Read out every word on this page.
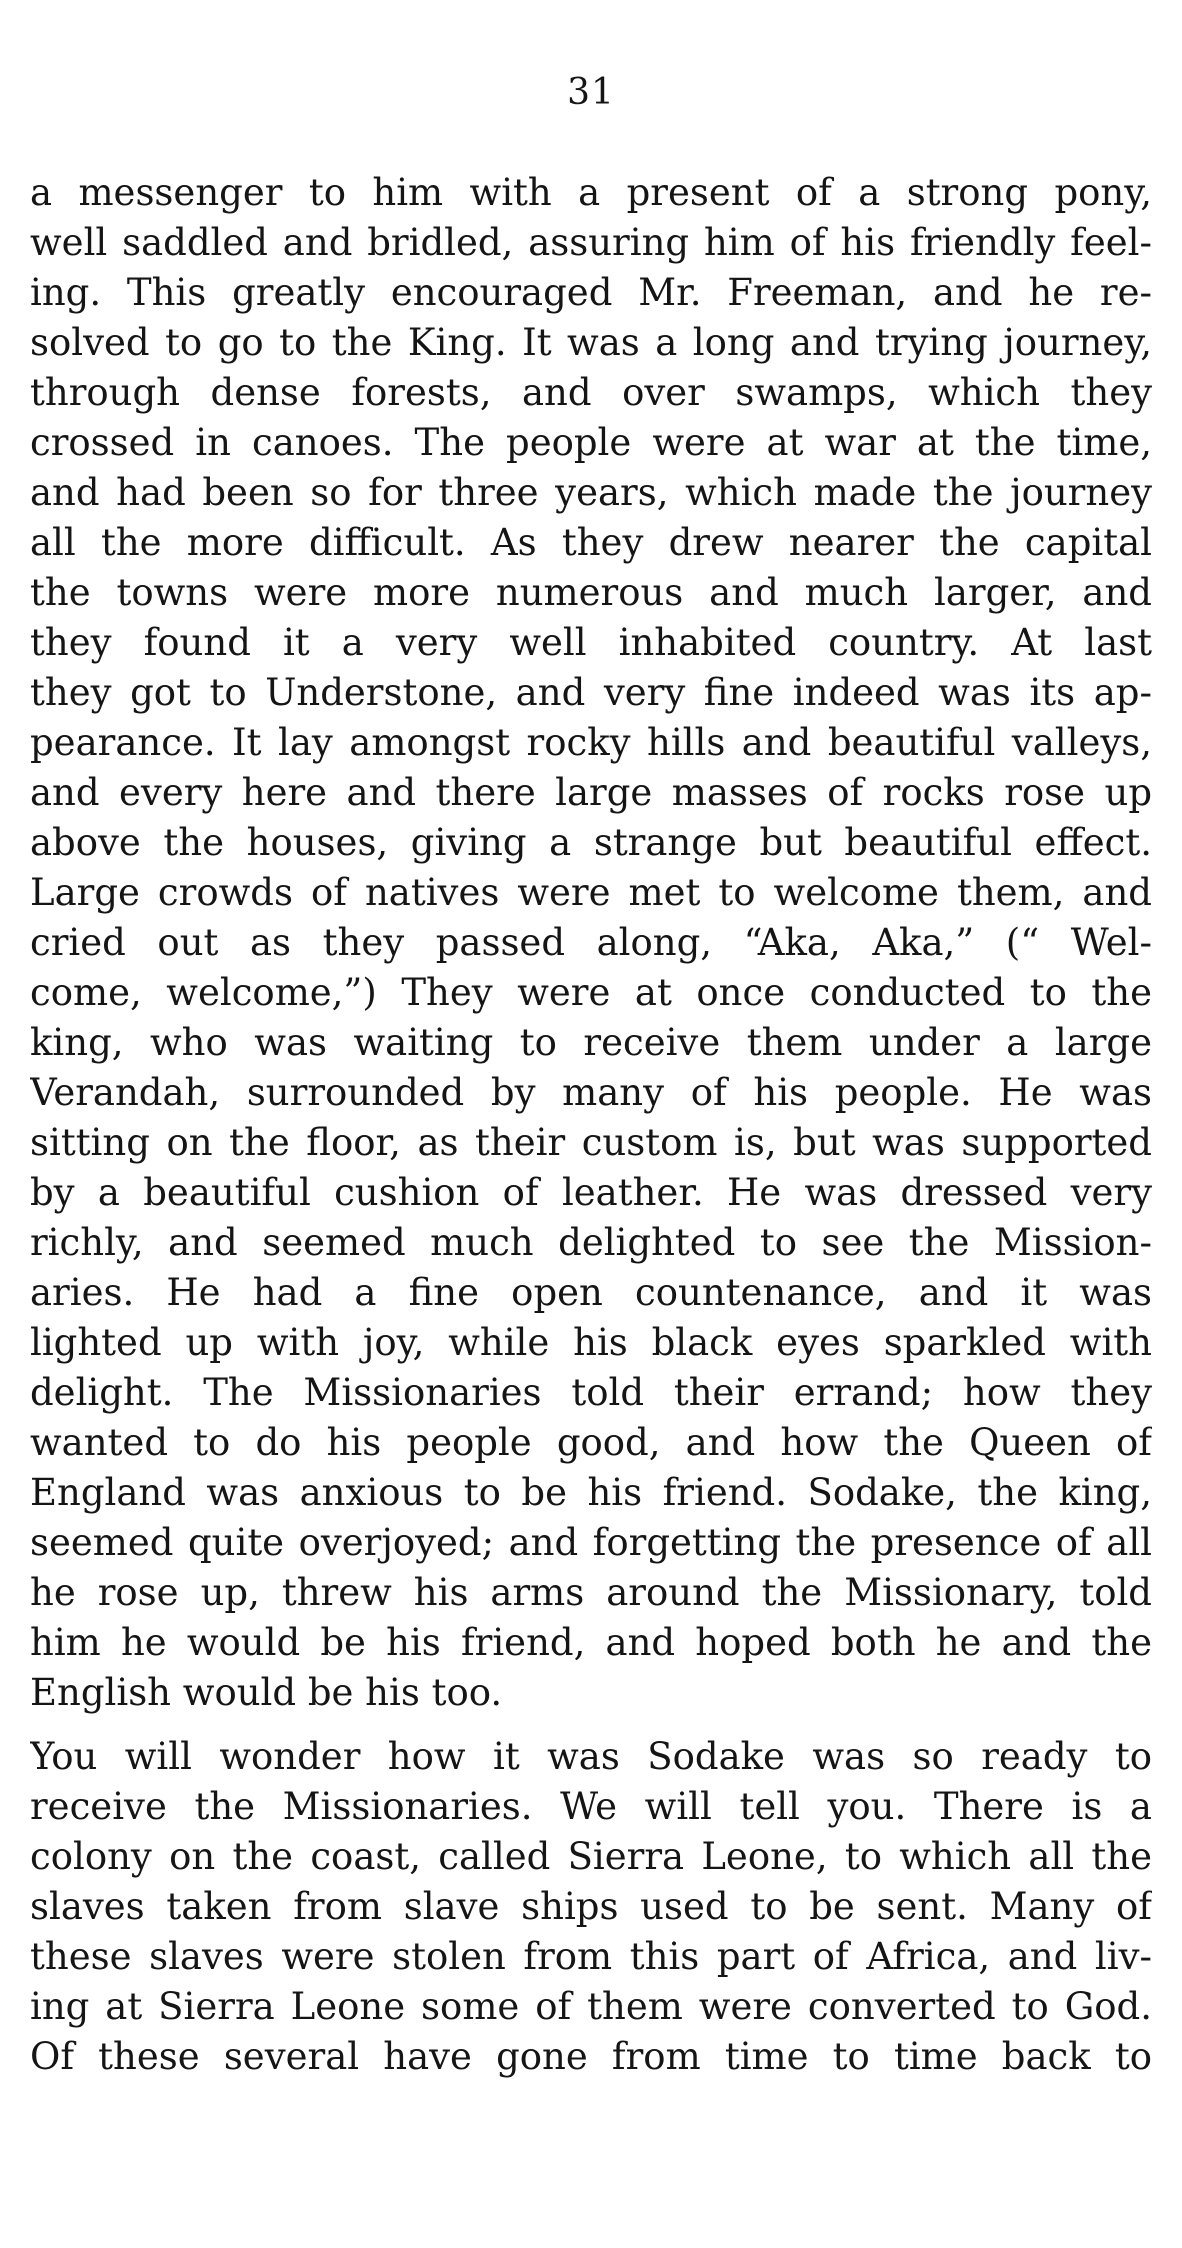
31
a messenger to him with a present of a strong pony,
well saddled and bridled, assuring him of his friendly feel-
ing. This greatly encouraged Mr. Freeman, and he re-
solved to go to the King. It was a long and trying journey,
through dense forests, and over swamps, which they
crossed in canoes. The people were at war at the time,
and had been so for three years, which made the journey
all the more difficult. As they drew nearer the capital
the towns were more numerous and much larger, and
they found it a very well inhabited country. At last
they got to Understone, and very fine indeed was its ap-
pearance. It lay amongst rocky hills and beautiful valleys,
and every here and there large masses of rocks rose up
above the houses, giving a strange but beautiful effect.
Large crowds of natives were met to welcome them, and
cried out as they passed along, “Aka, Aka,” (“ Wel-
come, welcome,”) They were at once conducted to the
king, who was waiting to receive them under a large
Verandah, surrounded by many of his people. He was
sitting on the floor, as their custom is, but was supported
by a beautiful cushion of leather. He was dressed very
richly, and seemed much delighted to see the Mission-
aries. He had a fine open countenance, and it was
lighted up with joy, while his black eyes sparkled with
delight. The Missionaries told their errand; how they
wanted to do his people good, and how the Queen of
England was anxious to be his friend. Sodake, the king,
seemed quite overjoyed; and forgetting the presence of all
he rose up, threw his arms around the Missionary, told
him he would be his friend, and hoped both he and the
English would be his too.
You will wonder how it was Sodake was so ready to
receive the Missionaries. We will tell you. There is a
colony on the coast, called Sierra Leone, to which all the
slaves taken from slave ships used to be sent. Many of
these slaves were stolen from this part of Africa, and liv-
ing at Sierra Leone some of them were converted to God.
Of these several have gone from time to time back to
